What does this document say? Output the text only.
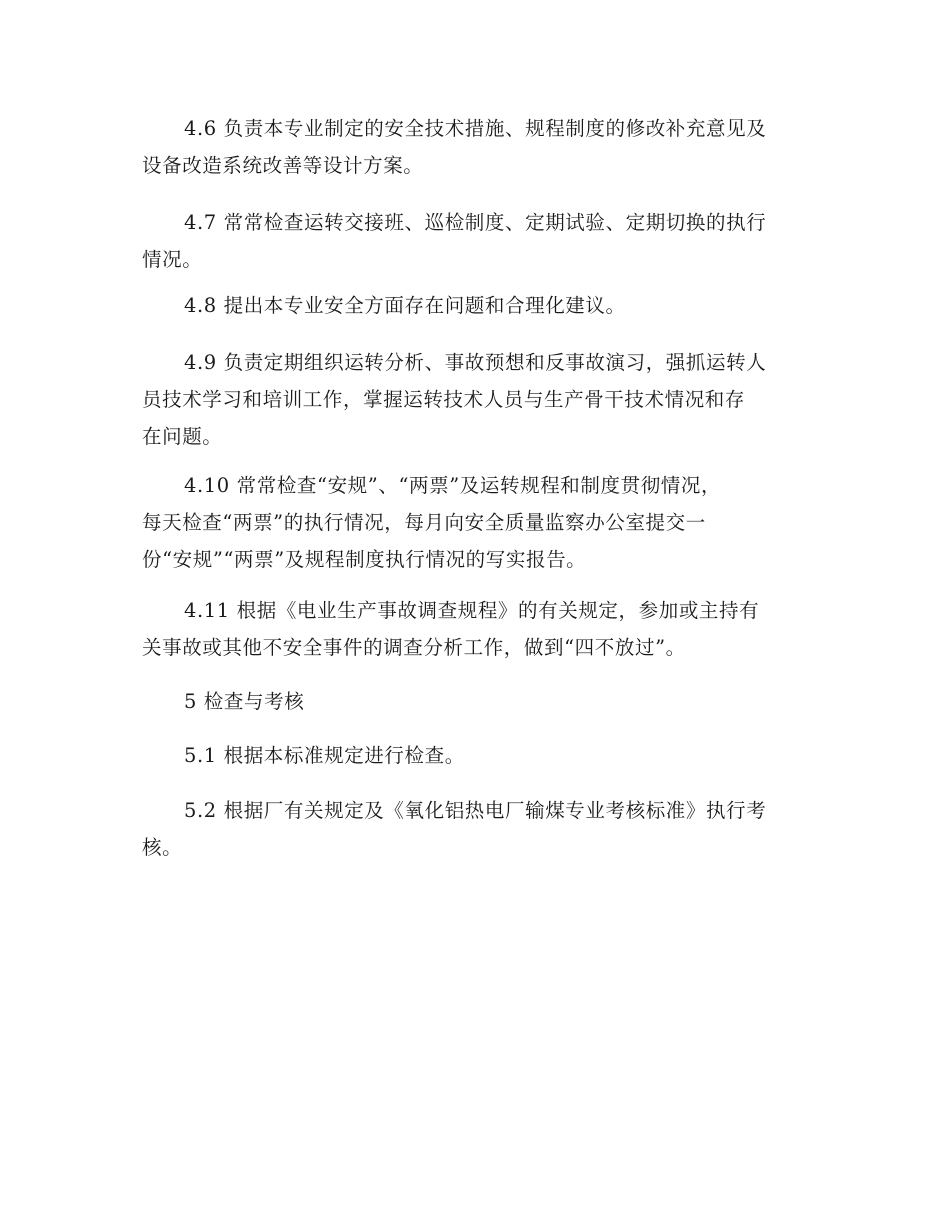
4.6 负责本专业制定的安全技术措施、规程制度的修改补充意见及
设备改造系统改善等设计方案。
4.7 常常检查运转交接班、巡检制度、定期试验、定期切换的执行
情况。
4.8 提出本专业安全方面存在问题和合理化建议。
4.9 负责定期组织运转分析、事故预想和反事故演习，强抓运转人
员技术学习和培训工作，掌握运转技术人员与生产骨干技术情况和存
在问题。
4.10 常常检查“安规”、“两票”及运转规程和制度贯彻情况，
每天检查“两票”的执行情况，每月向安全质量监察办公室提交一
份“安规”“两票”及规程制度执行情况的写实报告。
4.11 根据《电业生产事故调查规程》的有关规定，参加或主持有
关事故或其他不安全事件的调查分析工作，做到“四不放过”。
5 检查与考核
5.1 根据本标准规定进行检查。
5.2 根据厂有关规定及《氧化铝热电厂输煤专业考核标准》执行考
核。
